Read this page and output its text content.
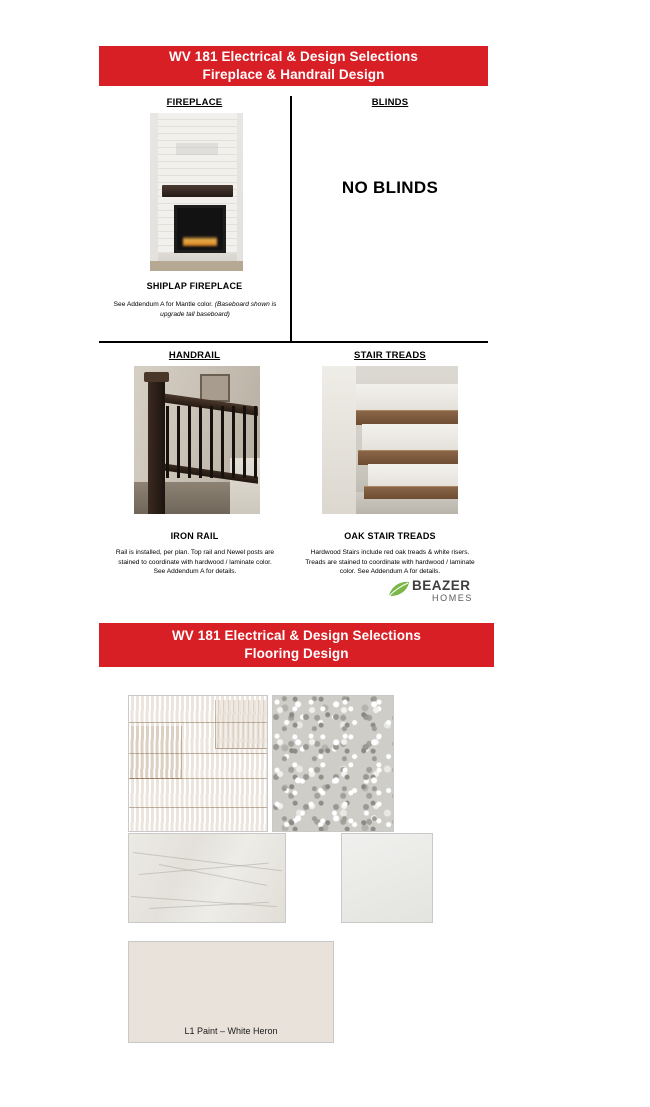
WV 181 Electrical & Design Selections
Fireplace & Handrail Design
FIREPLACE
SHIPLAP FIREPLACE
See Addendum A for Mantle color. (Baseboard shown is upgrade tall baseboard)
BLINDS
NO BLINDS
HANDRAIL
IRON RAIL
Rail is installed, per plan. Top rail and Newel posts are stained to coordinate with hardwood / laminate color. See Addendum A for details.
STAIR TREADS
OAK STAIR TREADS
Hardwood Stairs include red oak treads & white risers. Treads are stained to coordinate with hardwood / laminate color. See Addendum A for details.
BEAZER
HOMES
WV 181 Electrical & Design Selections
Flooring Design
L1 Paint – White Heron
